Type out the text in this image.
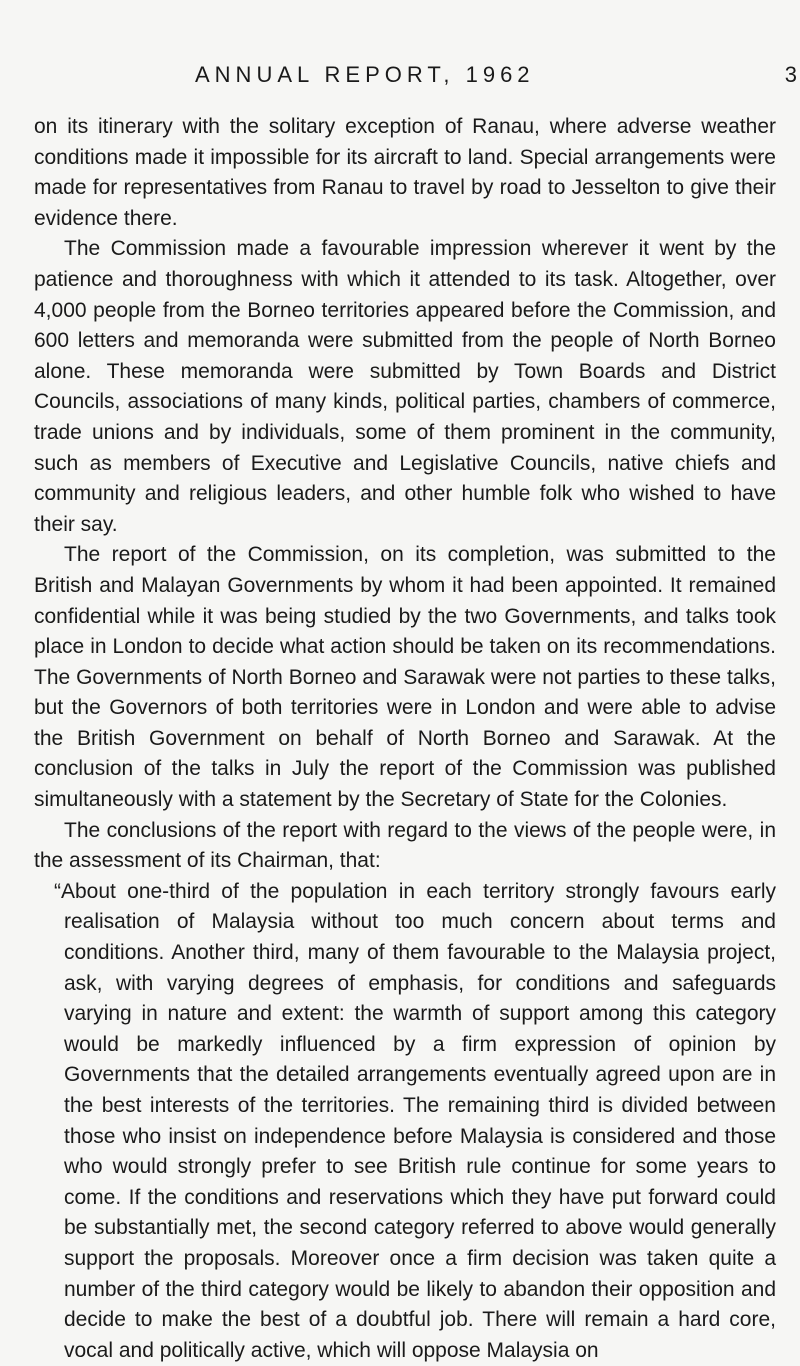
ANNUAL REPORT, 1962	3

on its itinerary with the solitary exception of Ranau, where adverse weather conditions made it impossible for its aircraft to land. Special arrangements were made for representatives from Ranau to travel by road to Jesselton to give their evidence there.

The Commission made a favourable impression wherever it went by the patience and thoroughness with which it attended to its task. Altogether, over 4,000 people from the Borneo territories appeared before the Commission, and 600 letters and memoranda were submitted from the people of North Borneo alone. These memoranda were submitted by Town Boards and District Councils, associations of many kinds, political parties, chambers of commerce, trade unions and by individuals, some of them prominent in the community, such as members of Executive and Legislative Councils, native chiefs and community and religious leaders, and other humble folk who wished to have their say.

The report of the Commission, on its completion, was submitted to the British and Malayan Governments by whom it had been appointed. It remained confidential while it was being studied by the two Governments, and talks took place in London to decide what action should be taken on its recommendations. The Governments of North Borneo and Sarawak were not parties to these talks, but the Governors of both territories were in London and were able to advise the British Government on behalf of North Borneo and Sarawak. At the conclusion of the talks in July the report of the Commission was published simultaneously with a statement by the Secretary of State for the Colonies.

The conclusions of the report with regard to the views of the people were, in the assessment of its Chairman, that:

“About one-third of the population in each territory strongly favours early realisation of Malaysia without too much concern about terms and conditions. Another third, many of them favourable to the Malaysia project, ask, with varying degrees of emphasis, for conditions and safeguards varying in nature and extent: the warmth of support among this category would be markedly influenced by a firm expression of opinion by Governments that the detailed arrangements eventually agreed upon are in the best interests of the territories. The remaining third is divided between those who insist on independence before Malaysia is considered and those who would strongly prefer to see British rule continue for some years to come. If the conditions and reservations which they have put forward could be substantially met, the second category referred to above would generally support the proposals. Moreover once a firm decision was taken quite a number of the third category would be likely to abandon their opposition and decide to make the best of a doubtful job. There will remain a hard core, vocal and politically active, which will oppose Malaysia on
